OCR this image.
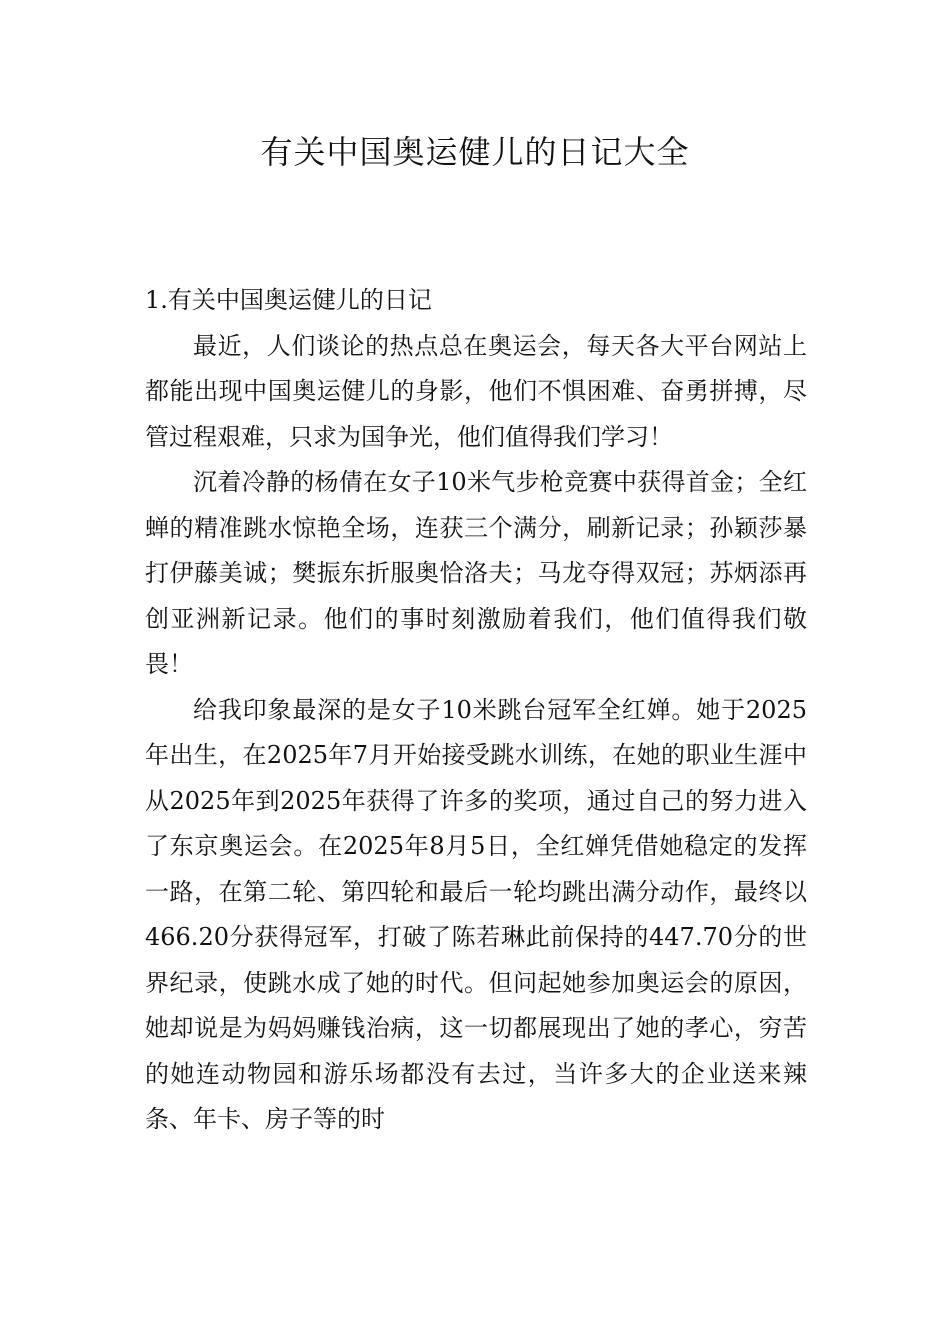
有关中国奥运健儿的日记大全
1.有关中国奥运健儿的日记

最近，人们谈论的热点总在奥运会，每天各大平台网站上都能出现中国奥运健儿的身影，他们不惧困难、奋勇拼搏，尽管过程艰难，只求为国争光，他们值得我们学习！

沉着冷静的杨倩在女子10米气步枪竞赛中获得首金；全红蝉的精准跳水惊艳全场，连获三个满分，刷新记录；孙颖莎暴打伊藤美诚；樊振东折服奥恰洛夫；马龙夺得双冠；苏炳添再创亚洲新记录。他们的事时刻激励着我们，他们值得我们敬畏！

给我印象最深的是女子10米跳台冠军全红婵。她于2025年出生，在2025年7月开始接受跳水训练，在她的职业生涯中从2025年到2025年获得了许多的奖项，通过自己的努力进入了东京奥运会。在2025年8月5日，全红婵凭借她稳定的发挥一路，在第二轮、第四轮和最后一轮均跳出满分动作，最终以466.20分获得冠军，打破了陈若琳此前保持的447.70分的世界纪录，使跳水成了她的时代。但问起她参加奥运会的原因，她却说是为妈妈赚钱治病，这一切都展现出了她的孝心，穷苦的她连动物园和游乐场都没有去过，当许多大的企业送来辣条、年卡、房子等的时
